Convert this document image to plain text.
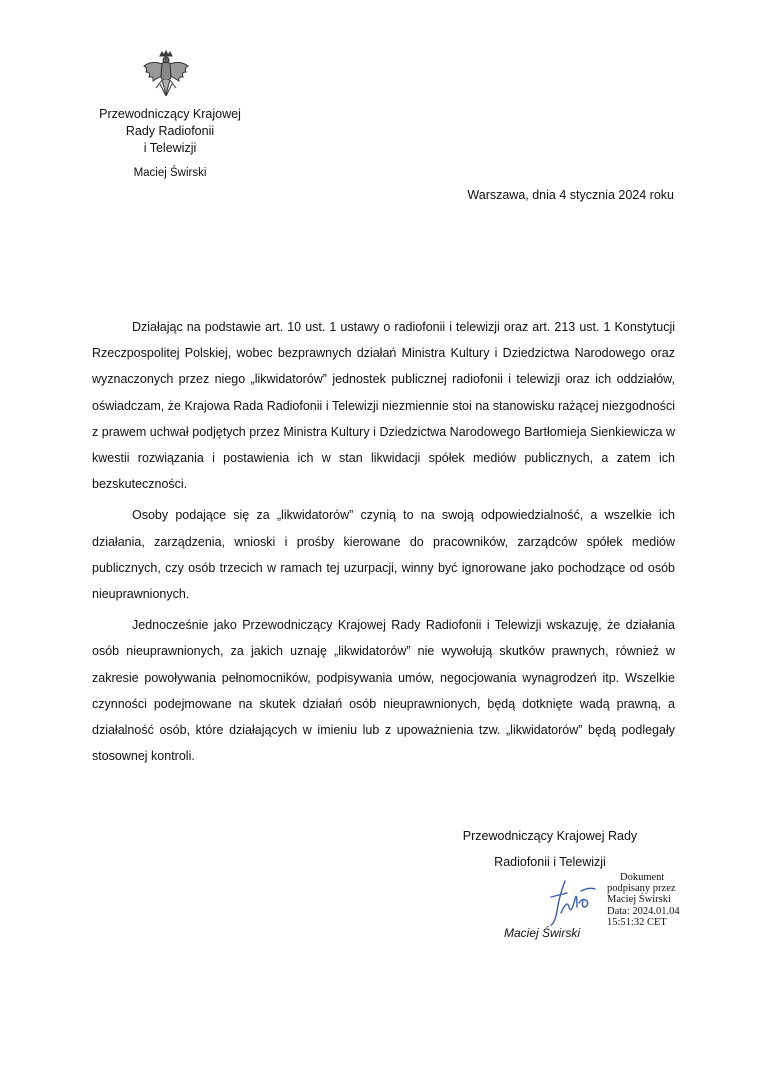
Przewodniczący Krajowej
Rady Radiofonii
i Telewizji
Maciej Świrski
Warszawa, dnia 4 stycznia 2024 roku

Działając na podstawie art. 10 ust. 1 ustawy o radiofonii i telewizji oraz art. 213 ust. 1 Konstytucji Rzeczpospolitej Polskiej, wobec bezprawnych działań Ministra Kultury i Dziedzictwa Narodowego oraz wyznaczonych przez niego „likwidatorów” jednostek publicznej radiofonii i telewizji oraz ich oddziałów, oświadczam, że Krajowa Rada Radiofonii i Telewizji niezmiennie stoi na stanowisku rażącej niezgodności z prawem uchwał podjętych przez Ministra Kultury i Dziedzictwa Narodowego Bartłomieja Sienkiewicza w kwestii rozwiązania i postawienia ich w stan likwidacji spółek mediów publicznych, a zatem ich bezskuteczności.

Osoby podające się za „likwidatorów” czynią to na swoją odpowiedzialność, a wszelkie ich działania, zarządzenia, wnioski i prośby kierowane do pracowników, zarządców spółek mediów publicznych, czy osób trzecich w ramach tej uzurpacji, winny być ignorowane jako pochodzące od osób nieuprawnionych.

Jednocześnie jako Przewodniczący Krajowej Rady Radiofonii i Telewizji wskazuję, że działania osób nieuprawnionych, za jakich uznaję „likwidatorów” nie wywołują skutków prawnych, również w zakresie powoływania pełnomocników, podpisywania umów, negocjowania wynagrodzeń itp. Wszelkie czynności podejmowane na skutek działań osób nieuprawnionych, będą dotknięte wadą prawną, a działalność osób, które działających w imieniu lub z upoważnienia tzw. „likwidatorów” będą podlegały stosownej kontroli.

Przewodniczący Krajowej Rady
Radiofonii i Telewizji
Maciej Świrski
Dokument
podpisany przez
Maciej Świrski
Data: 2024.01.04
15:51:32 CET
